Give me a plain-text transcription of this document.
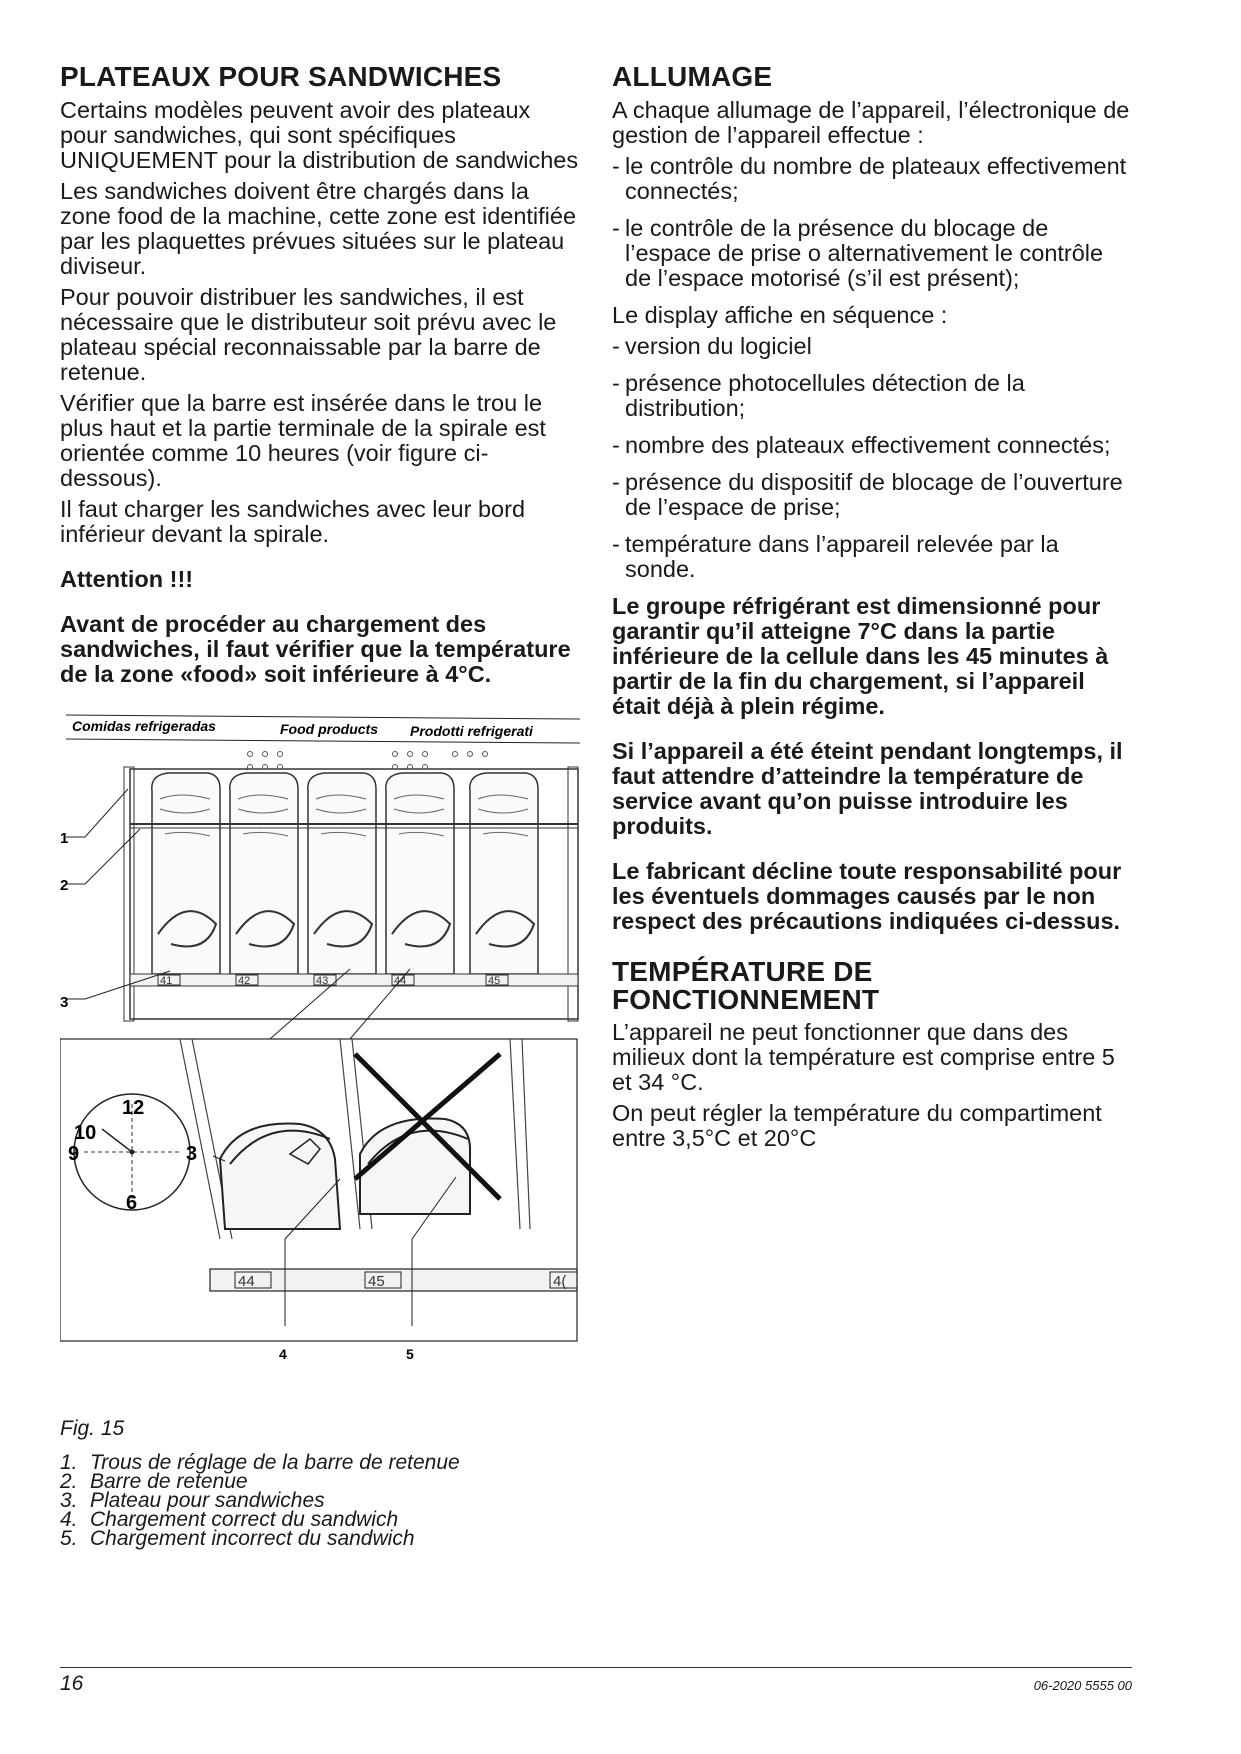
PLATEAUX POUR SANDWICHES

Certains modèles peuvent avoir des plateaux pour sandwiches, qui sont spécifiques UNIQUEMENT pour la distribution de sandwiches

Les sandwiches doivent être chargés dans la zone food de la machine, cette zone est identifiée par les plaquettes prévues situées sur le plateau diviseur.

Pour pouvoir distribuer les sandwiches, il est nécessaire que le distributeur soit prévu avec le plateau spécial reconnaissable par la barre de retenue.

Vérifier que la barre est insérée dans le trou le plus haut et la partie terminale de la spirale est orientée comme 10 heures (voir figure ci-dessous).

Il faut charger les sandwiches avec leur bord inférieur devant la spirale.

Attention !!!

Avant de procéder au chargement des sandwiches, il faut vérifier que la température de la zone «food» soit inférieure à 4°C.

Comidas refrigeradas	Food products Prodotti refrigerati
41	42	43	44	45
1
2
3
44	45	4(
12
10
9	3
6
4	5
Fig. 15
1. Trous de réglage de la barre de retenue
2. Barre de retenue
3. Plateau pour sandwiches
4. Chargement correct du sandwich
5. Chargement incorrect du sandwich
ALLUMAGE

A chaque allumage de l’appareil, l’électronique de gestion de l’appareil effectue :

- le contrôle du nombre de plateaux effectivement connectés;
- le contrôle de la présence du blocage de l’espace de prise o alternativement le contrôle de l’espace motorisé (s’il est présent);

Le display affiche en séquence :

- version du logiciel
- présence photocellules détection de la distribution;
- nombre des plateaux effectivement connectés;
- présence du dispositif de blocage de l’ouverture de l’espace de prise;
- température dans l’appareil relevée par la sonde.

Le groupe réfrigérant est dimensionné pour garantir qu’il atteigne 7°C dans la partie inférieure de la cellule dans les 45 minutes à partir de la fin du chargement, si l’appareil était déjà à plein régime.

Si l’appareil a été éteint pendant longtemps, il faut attendre d’atteindre la température de service avant qu’on puisse introduire les produits.

Le fabricant décline toute responsabilité pour les éventuels dommages causés par le non respect des précautions indiquées ci-dessus.

TEMPÉRATURE DE FONCTIONNEMENT

L’appareil ne peut fonctionner que dans des milieux dont la température est comprise entre 5 et 34 °C.

On peut régler la température du compartiment entre 3,5°C et 20°C

16	06-2020 5555 00
